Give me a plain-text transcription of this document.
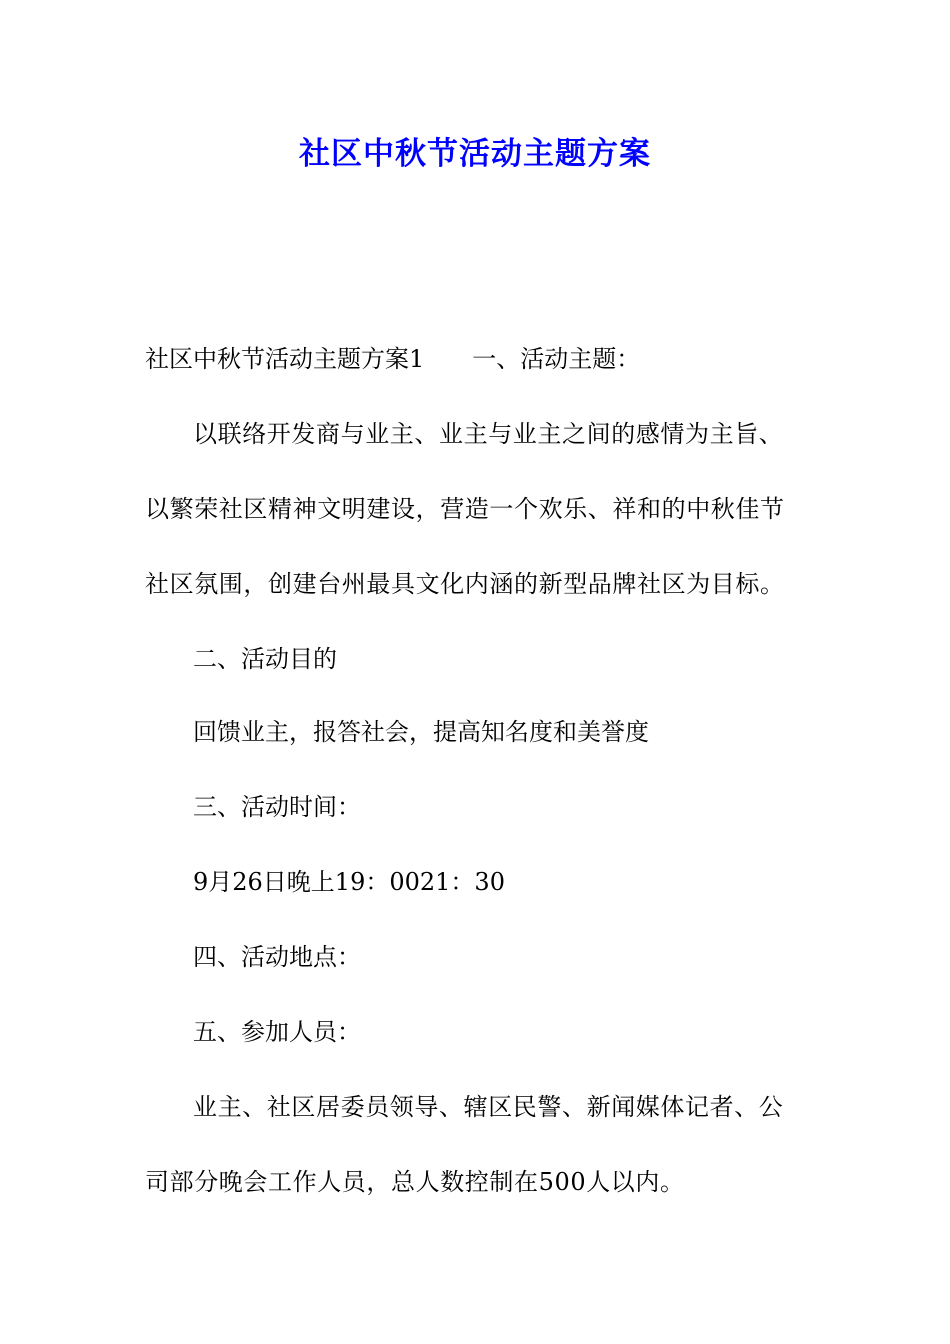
社区中秋节活动主题方案
社区中秋节活动主题方案1 一、活动主题：
以联络开发商与业主、业主与业主之间的感情为主旨、以繁荣社区精神文明建设，营造一个欢乐、祥和的中秋佳节社区氛围，创建台州最具文化内涵的新型品牌社区为目标。
二、活动目的
回馈业主，报答社会，提高知名度和美誉度
三、活动时间：
9月26日晚上19：0021：30
四、活动地点：
五、参加人员：
业主、社区居委员领导、辖区民警、新闻媒体记者、公司部分晚会工作人员，总人数控制在500人以内。
